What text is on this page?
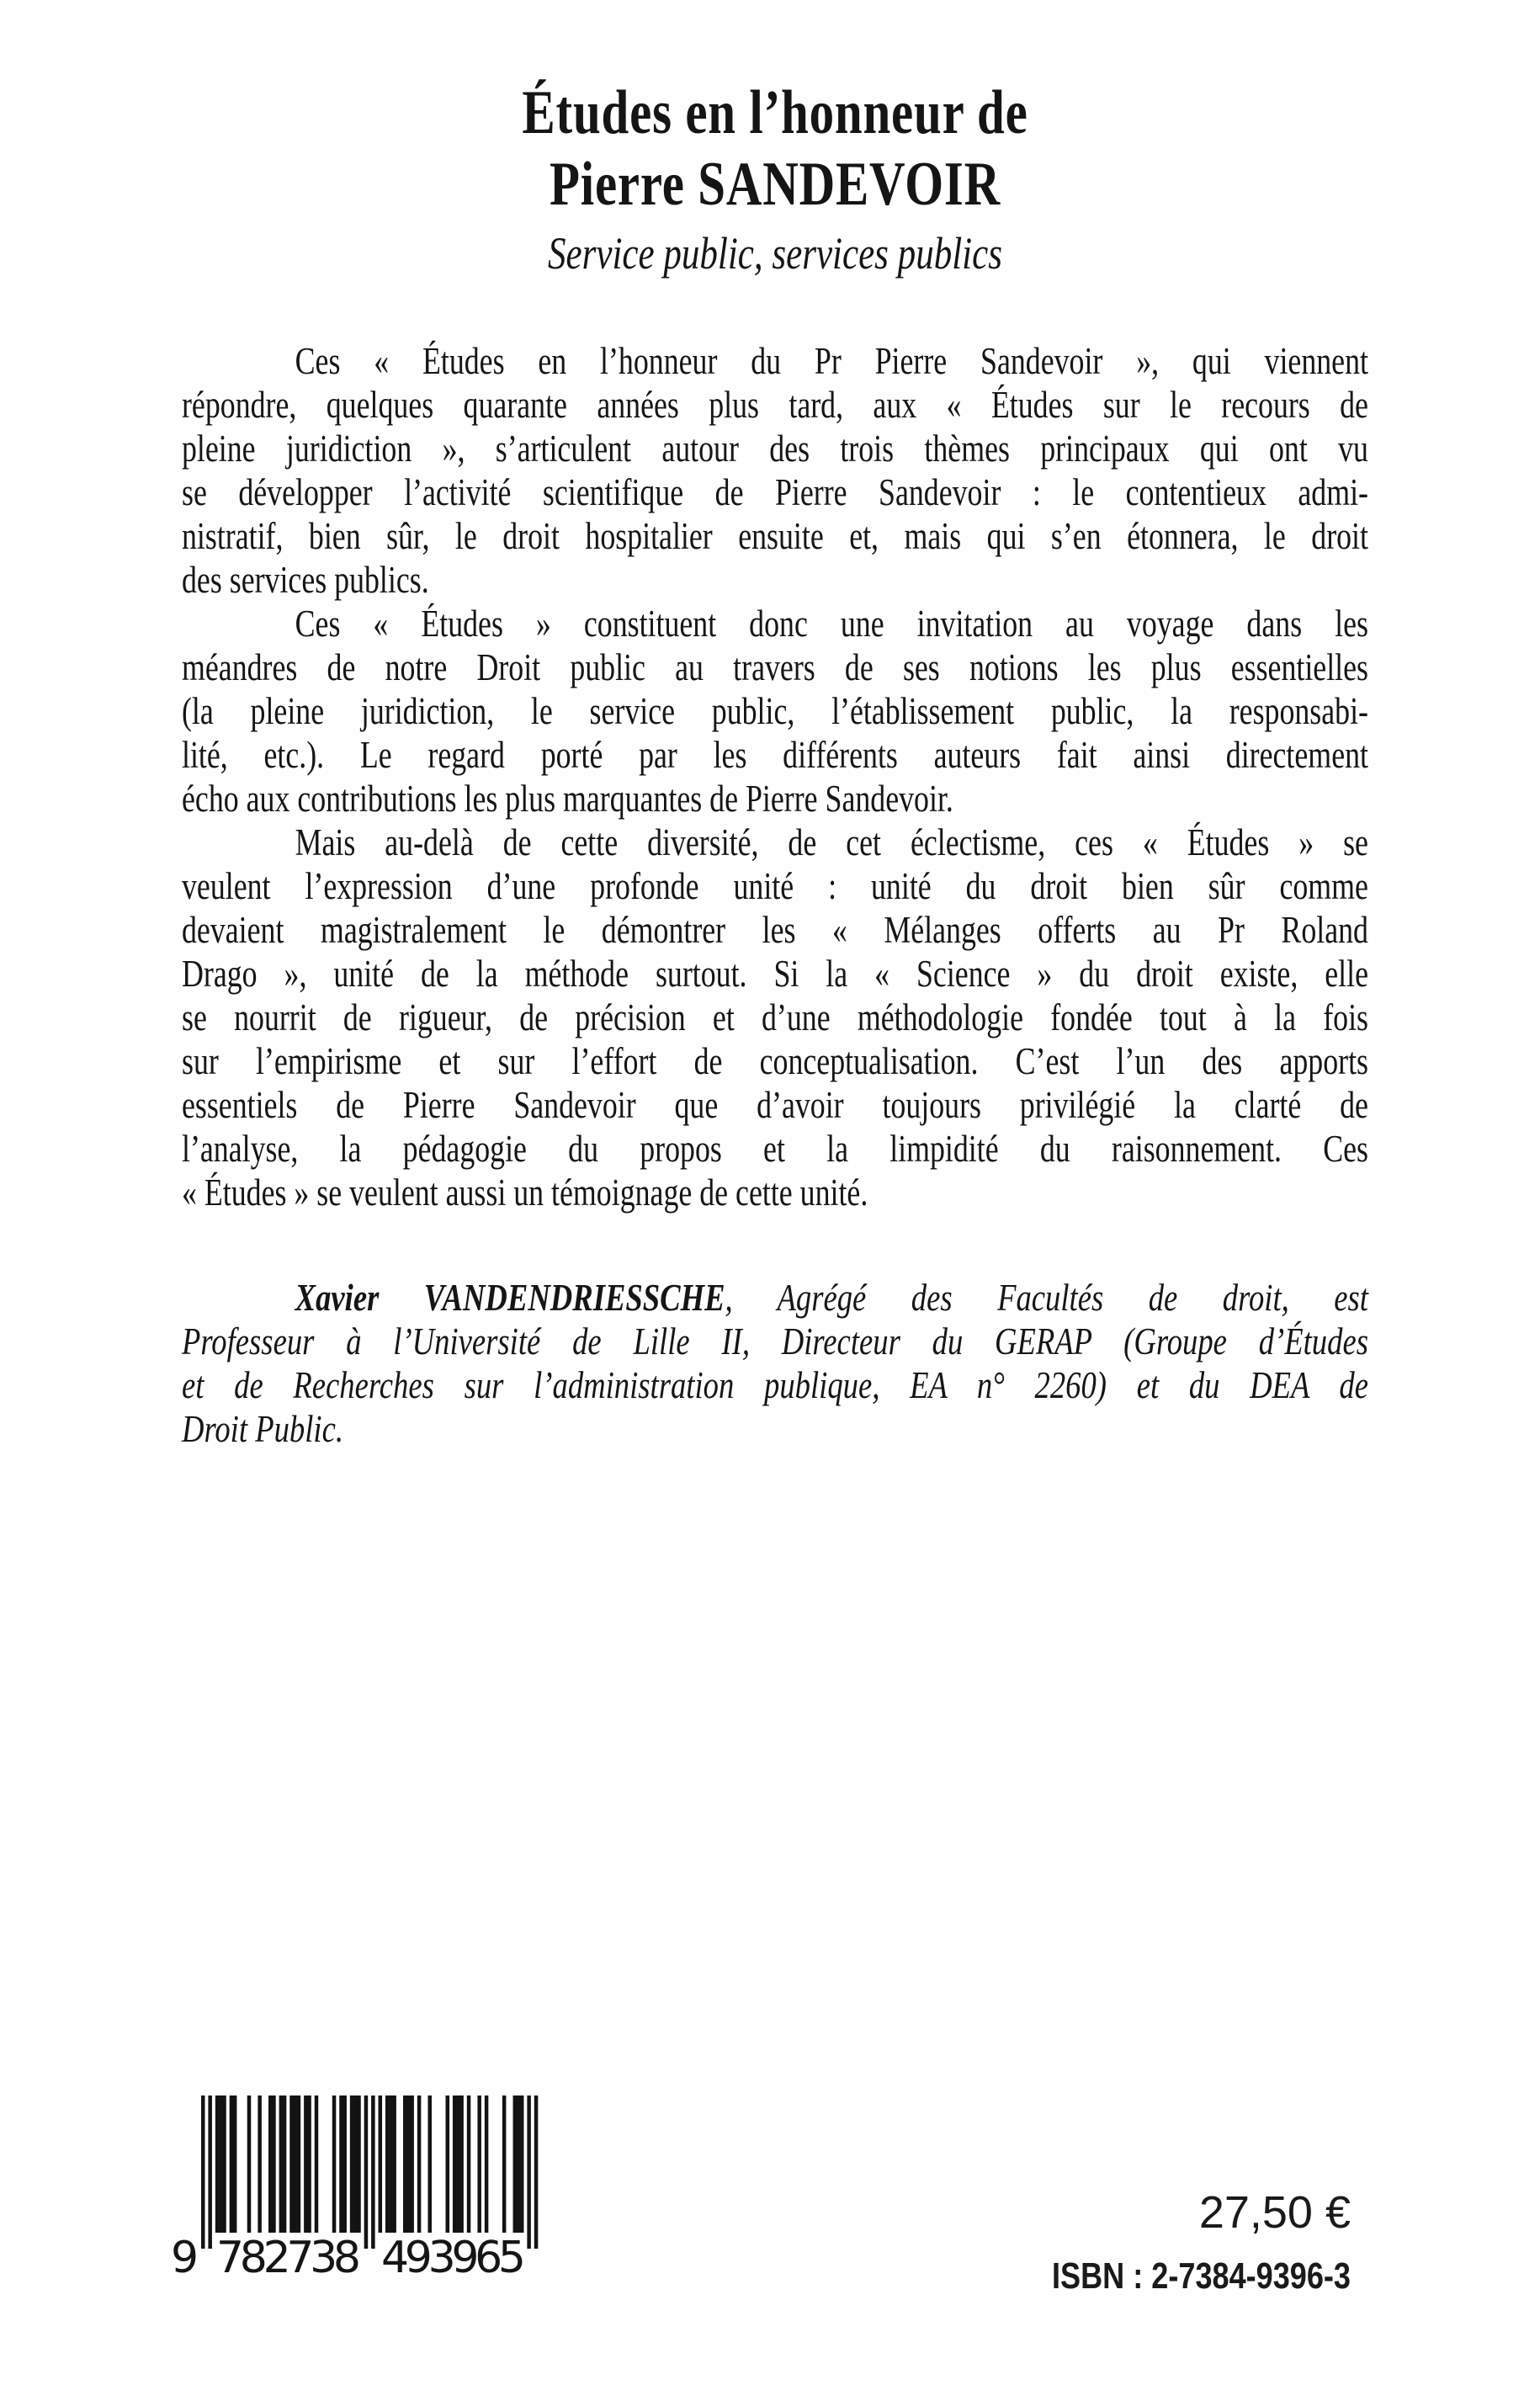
Études en l’honneur de
Pierre SANDEVOIR
Service public, services publics
Ces « Études en l’honneur du Pr Pierre Sandevoir », qui viennent
répondre, quelques quarante années plus tard, aux « Études sur le recours de
pleine juridiction », s’articulent autour des trois thèmes principaux qui ont vu
se développer l’activité scientifique de Pierre Sandevoir : le contentieux admi-
nistratif, bien sûr, le droit hospitalier ensuite et, mais qui s’en étonnera, le droit
des services publics.
Ces « Études » constituent donc une invitation au voyage dans les
méandres de notre Droit public au travers de ses notions les plus essentielles
(la pleine juridiction, le service public, l’établissement public, la responsabi-
lité, etc.). Le regard porté par les différents auteurs fait ainsi directement
écho aux contributions les plus marquantes de Pierre Sandevoir.
Mais au-delà de cette diversité, de cet éclectisme, ces « Études » se
veulent l’expression d’une profonde unité : unité du droit bien sûr comme
devaient magistralement le démontrer les « Mélanges offerts au Pr Roland
Drago », unité de la méthode surtout. Si la « Science » du droit existe, elle
se nourrit de rigueur, de précision et d’une méthodologie fondée tout à la fois
sur l’empirisme et sur l’effort de conceptualisation. C’est l’un des apports
essentiels de Pierre Sandevoir que d’avoir toujours privilégié la clarté de
l’analyse, la pédagogie du propos et la limpidité du raisonnement. Ces
« Études » se veulent aussi un témoignage de cette unité.
Xavier VANDENDRIESSCHE, Agrégé des Facultés de droit, est
Professeur à l’Université de Lille II, Directeur du GERAP (Groupe d’Études
et de Recherches sur l’administration publique, EA n° 2260) et du DEA de
Droit Public.
9 782738 493965
27,50 €
ISBN : 2-7384-9396-3
